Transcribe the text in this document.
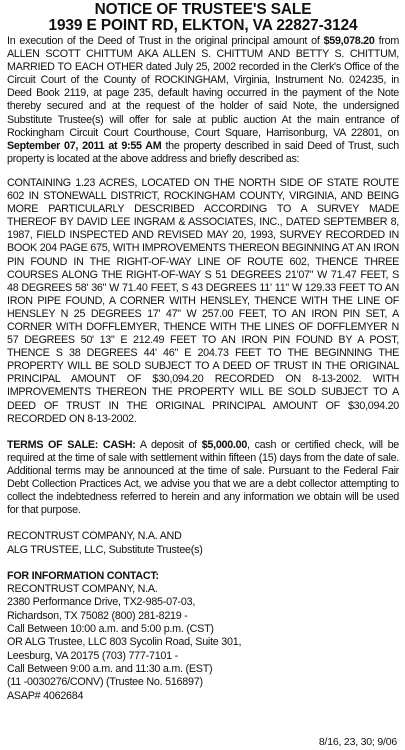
NOTICE OF TRUSTEE'S SALE
1939 E POINT RD, ELKTON, VA 22827-3124
In execution of the Deed of Trust in the original principal amount of $59,078.20 from ALLEN SCOTT CHITTUM AKA ALLEN S. CHITTUM AND BETTY S. CHITTUM, MARRIED TO EACH OTHER dated July 25, 2002 recorded in the Clerk's Office of the Circuit Court of the County of ROCKINGHAM, Virginia, Instrument No. 024235, in Deed Book 2119, at page 235, default having occurred in the payment of the Note thereby secured and at the request of the holder of said Note, the undersigned Substitute Trustee(s) will offer for sale at public auction At the main entrance of Rockingham Circuit Court Courthouse, Court Square, Harrisonburg, VA 22801, on September 07, 2011 at 9:55 AM the property described in said Deed of Trust, such property is located at the above address and briefly described as:
CONTAINING 1.23 ACRES, LOCATED ON THE NORTH SIDE OF STATE ROUTE 602 IN STONEWALL DISTRICT, ROCKINGHAM COUNTY, VIRGINIA, AND BEING MORE PARTICULARLY DESCRIBED ACCORDING TO A SURVEY MADE THEREOF BY DAVID LEE INGRAM & ASSOCIATES, INC., DATED SEPTEMBER 8, 1987, FIELD INSPECTED AND REVISED MAY 20, 1993, SURVEY RECORDED IN BOOK 204 PAGE 675, WITH IMPROVEMENTS THEREON BEGINNING AT AN IRON PIN FOUND IN THE RIGHT-OF-WAY LINE OF ROUTE 602, THENCE THREE COURSES ALONG THE RIGHT-OF-WAY S 51 DEGREES 21'07" W 71.47 FEET, S 48 DEGREES 58' 36" W 71.40 FEET, S 43 DEGREES 11' 11" W 129.33 FEET TO AN IRON PIPE FOUND, A CORNER WITH HENSLEY, THENCE WITH THE LINE OF HENSLEY N 25 DEGREES 17' 47" W 257.00 FEET, TO AN IRON PIN SET, A CORNER WITH DOFFLEMYER, THENCE WITH THE LINES OF DOFFLEMYER N 57 DEGREES 50' 13" E 212.49 FEET TO AN IRON PIN FOUND BY A POST, THENCE S 38 DEGREES 44' 46" E 204.73 FEET TO THE BEGINNING THE PROPERTY WILL BE SOLD SUBJECT TO A DEED OF TRUST IN THE ORIGINAL PRINCIPAL AMOUNT OF $30,094.20 RECORDED ON 8-13-2002. WITH IMPROVEMENTS THEREON THE PROPERTY WILL BE SOLD SUBJECT TO A DEED OF TRUST IN THE ORIGINAL PRINCIPAL AMOUNT OF $30,094.20 RECORDED ON 8-13-2002.
TERMS OF SALE: CASH: A deposit of $5,000.00, cash or certified check, will be required at the time of sale with settlement within fifteen (15) days from the date of sale. Additional terms may be announced at the time of sale. Pursuant to the Federal Fair Debt Collection Practices Act, we advise you that we are a debt collector attempting to collect the indebtedness referred to herein and any information we obtain will be used for that purpose.
RECONTRUST COMPANY, N.A. AND
ALG TRUSTEE, LLC, Substitute Trustee(s)
FOR INFORMATION CONTACT:
RECONTRUST COMPANY, N.A.
2380 Performance Drive, TX2-985-07-03,
Richardson, TX 75082 (800) 281-8219 -
Call Between 10:00 a.m. and 5:00 p.m. (CST)
OR ALG Trustee, LLC 803 Sycolin Road, Suite 301,
Leesburg, VA 20175 (703) 777-7101 -
Call Between 9:00 a.m. and 11:30 a.m. (EST)
(11 -0030276/CONV) (Trustee No. 516897)
ASAP# 4062684
8/16, 23, 30; 9/06
